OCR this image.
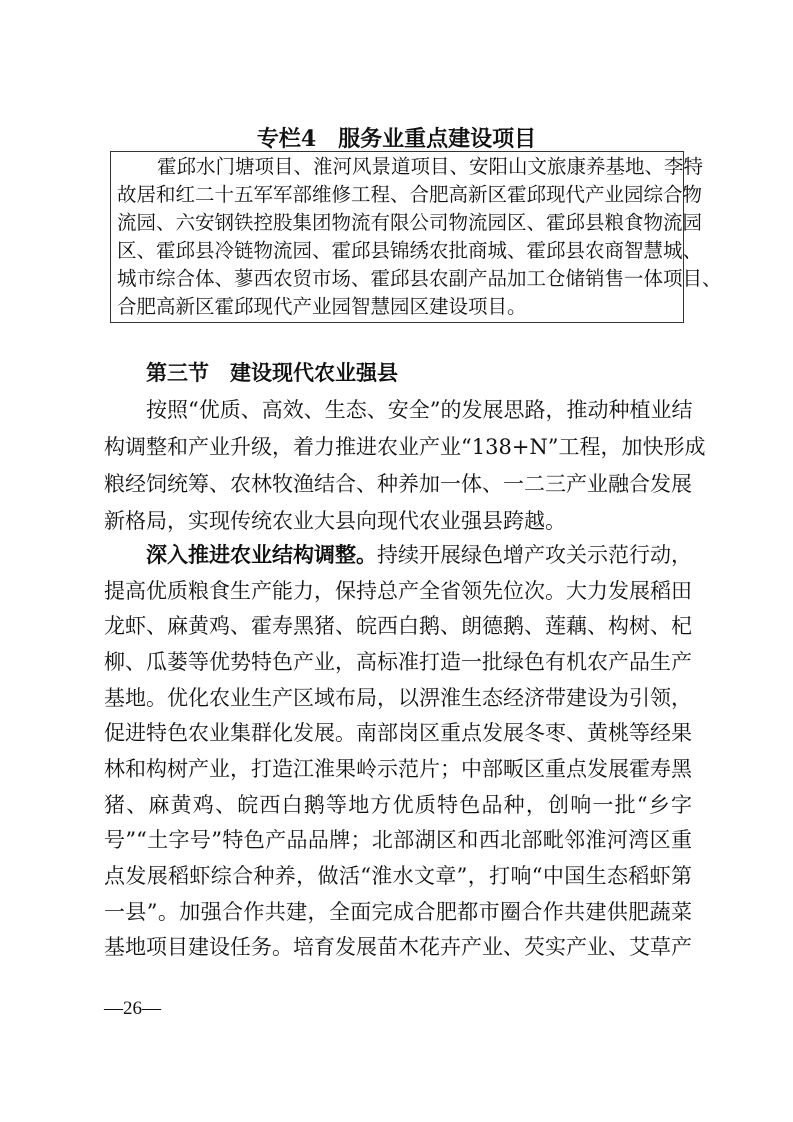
专栏4　服务业重点建设项目
霍邱水门塘项目、淮河风景道项目、安阳山文旅康养基地、李特
故居和红二十五军军部维修工程、合肥高新区霍邱现代产业园综合物
流园、六安钢铁控股集团物流有限公司物流园区、霍邱县粮食物流园
区、霍邱县冷链物流园、霍邱县锦绣农批商城、霍邱县农商智慧城、
城市综合体、蓼西农贸市场、霍邱县农副产品加工仓储销售一体项目、
合肥高新区霍邱现代产业园智慧园区建设项目。
第三节　建设现代农业强县
按照“优质、高效、生态、安全”的发展思路，推动种植业结
构调整和产业升级，着力推进农业产业“138+N”工程，加快形成
粮经饲统筹、农林牧渔结合、种养加一体、一二三产业融合发展
新格局，实现传统农业大县向现代农业强县跨越。
深入推进农业结构调整。持续开展绿色增产攻关示范行动，
提高优质粮食生产能力，保持总产全省领先位次。大力发展稻田
龙虾、麻黄鸡、霍寿黑猪、皖西白鹅、朗德鹅、莲藕、构树、杞
柳、瓜蒌等优势特色产业，高标准打造一批绿色有机农产品生产
基地。优化农业生产区域布局，以淠淮生态经济带建设为引领，
促进特色农业集群化发展。南部岗区重点发展冬枣、黄桃等经果
林和构树产业，打造江淮果岭示范片；中部畈区重点发展霍寿黑
猪、麻黄鸡、皖西白鹅等地方优质特色品种，创响一批“乡字
号”“土字号”特色产品品牌；北部湖区和西北部毗邻淮河湾区重
点发展稻虾综合种养，做活“淮水文章”，打响“中国生态稻虾第
一县”。加强合作共建，全面完成合肥都市圈合作共建供肥蔬菜
基地项目建设任务。培育发展苗木花卉产业、芡实产业、艾草产
—26—
